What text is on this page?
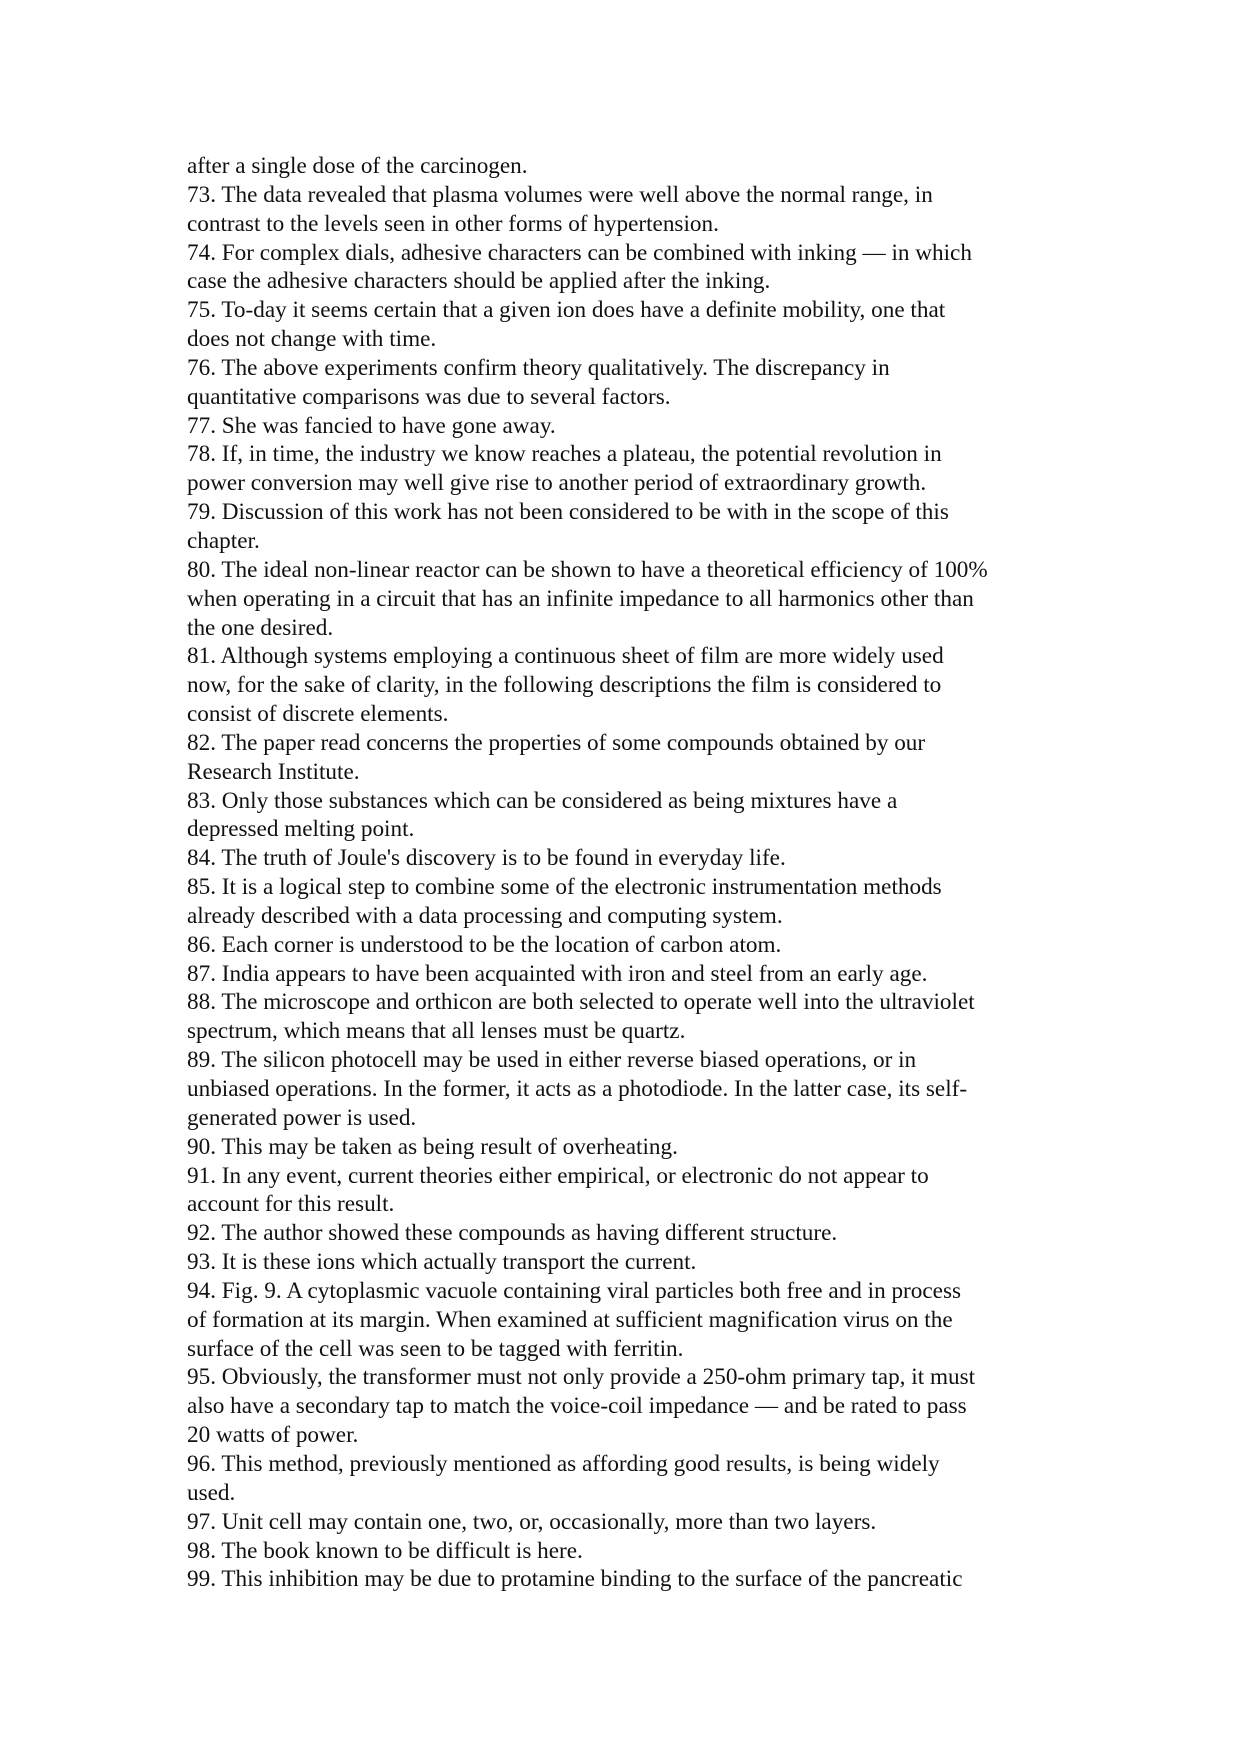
after a single dose of the carcinogen.
73. The data revealed that plasma volumes were well above the normal range, in
contrast to the levels seen in other forms of hypertension.
74. For complex dials, adhesive characters can be combined with inking — in which
case the adhesive characters should be applied after the inking.
75. To-day it seems certain that a given ion does have a definite mobility, one that
does not change with time.
76. The above experiments confirm theory qualitatively. The discrepancy in
quantitative comparisons was due to several factors.
77. She was fancied to have gone away.
78. If, in time, the industry we know reaches a plateau, the potential revolution in
power conversion may well give rise to another period of extraordinary growth.
79. Discussion of this work has not been considered to be with in the scope of this
chapter.
80. The ideal non-linear reactor can be shown to have a theoretical efficiency of 100%
when operating in a circuit that has an infinite impedance to all harmonics other than
the one desired.
81. Although systems employing a continuous sheet of film are more widely used
now, for the sake of clarity, in the following descriptions the film is considered to
consist of discrete elements.
82. The paper read concerns the properties of some compounds obtained by our
Research Institute.
83. Only those substances which can be considered as being mixtures have a
depressed melting point.
84. The truth of Joule's discovery is to be found in everyday life.
85. It is a logical step to combine some of the electronic instrumentation methods
already described with a data processing and computing system.
86. Each corner is understood to be the location of carbon atom.
87. India appears to have been acquainted with iron and steel from an early age.
88. The microscope and orthicon are both selected to operate well into the ultraviolet
spectrum, which means that all lenses must be quartz.
89. The silicon photocell may be used in either reverse biased operations, or in
unbiased operations. In the former, it acts as a photodiode. In the latter case, its self-
generated power is used.
90. This may be taken as being result of overheating.
91. In any event, current theories either empirical, or electronic do not appear to
account for this result.
92. The author showed these compounds as having different structure.
93. It is these ions which actually transport the current.
94. Fig. 9. A cytoplasmic vacuole containing viral particles both free and in process
of formation at its margin. When examined at sufficient magnification virus on the
surface of the cell was seen to be tagged with ferritin.
95. Obviously, the transformer must not only provide a 250-ohm primary tap, it must
also have a secondary tap to match the voice-coil impedance — and be rated to pass
20 watts of power.
96. This method, previously mentioned as affording good results, is being widely
used.
97. Unit cell may contain one, two, or, occasionally, more than two layers.
98. The book known to be difficult is here.
99. This inhibition may be due to protamine binding to the surface of the pancreatic
